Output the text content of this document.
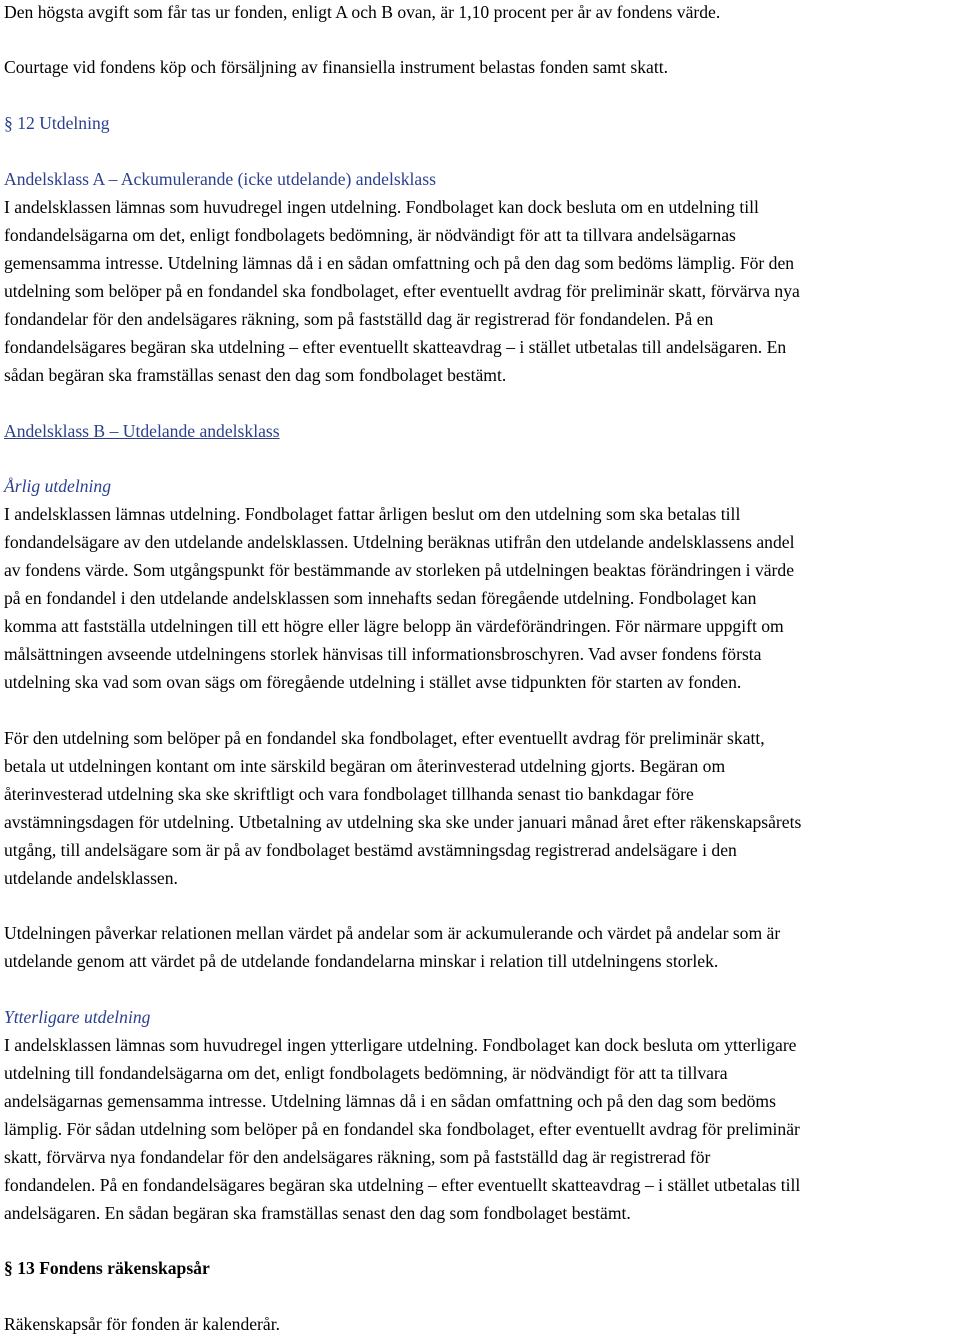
Den högsta avgift som får tas ur fonden, enligt A och B ovan, är 1,10 procent per år av fondens värde.
Courtage vid fondens köp och försäljning av finansiella instrument belastas fonden samt skatt.
§ 12 Utdelning
Andelsklass A – Ackumulerande (icke utdelande) andelsklass
I andelsklassen lämnas som huvudregel ingen utdelning. Fondbolaget kan dock besluta om en utdelning till
fondandelsägarna om det, enligt fondbolagets bedömning, är nödvändigt för att ta tillvara andelsägarnas
gemensamma intresse. Utdelning lämnas då i en sådan omfattning och på den dag som bedöms lämplig. För den
utdelning som belöper på en fondandel ska fondbolaget, efter eventuellt avdrag för preliminär skatt, förvärva nya
fondandelar för den andelsägares räkning, som på fastställd dag är registrerad för fondandelen. På en
fondandelsägares begäran ska utdelning – efter eventuellt skatteavdrag – i stället utbetalas till andelsägaren. En
sådan begäran ska framställas senast den dag som fondbolaget bestämt.
Andelsklass B – Utdelande andelsklass
Årlig utdelning
I andelsklassen lämnas utdelning. Fondbolaget fattar årligen beslut om den utdelning som ska betalas till
fondandelsägare av den utdelande andelsklassen. Utdelning beräknas utifrån den utdelande andelsklassens andel
av fondens värde. Som utgångspunkt för bestämmande av storleken på utdelningen beaktas förändringen i värde
på en fondandel i den utdelande andelsklassen som innehafts sedan föregående utdelning. Fondbolaget kan
komma att fastställa utdelningen till ett högre eller lägre belopp än värdeförändringen. För närmare uppgift om
målsättningen avseende utdelningens storlek hänvisas till informationsbroschyren. Vad avser fondens första
utdelning ska vad som ovan sägs om föregående utdelning i stället avse tidpunkten för starten av fonden.
För den utdelning som belöper på en fondandel ska fondbolaget, efter eventuellt avdrag för preliminär skatt,
betala ut utdelningen kontant om inte särskild begäran om återinvesterad utdelning gjorts. Begäran om
återinvesterad utdelning ska ske skriftligt och vara fondbolaget tillhanda senast tio bankdagar före
avstämningsdagen för utdelning. Utbetalning av utdelning ska ske under januari månad året efter räkenskapsårets
utgång, till andelsägare som är på av fondbolaget bestämd avstämningsdag registrerad andelsägare i den
utdelande andelsklassen.
Utdelningen påverkar relationen mellan värdet på andelar som är ackumulerande och värdet på andelar som är
utdelande genom att värdet på de utdelande fondandelarna minskar i relation till utdelningens storlek.
Ytterligare utdelning
I andelsklassen lämnas som huvudregel ingen ytterligare utdelning. Fondbolaget kan dock besluta om ytterligare
utdelning till fondandelsägarna om det, enligt fondbolagets bedömning, är nödvändigt för att ta tillvara
andelsägarnas gemensamma intresse. Utdelning lämnas då i en sådan omfattning och på den dag som bedöms
lämplig. För sådan utdelning som belöper på en fondandel ska fondbolaget, efter eventuellt avdrag för preliminär
skatt, förvärva nya fondandelar för den andelsägares räkning, som på fastställd dag är registrerad för
fondandelen. På en fondandelsägares begäran ska utdelning – efter eventuellt skatteavdrag – i stället utbetalas till
andelsägaren. En sådan begäran ska framställas senast den dag som fondbolaget bestämt.
§ 13 Fondens räkenskapsår
Räkenskapsår för fonden är kalenderår.
